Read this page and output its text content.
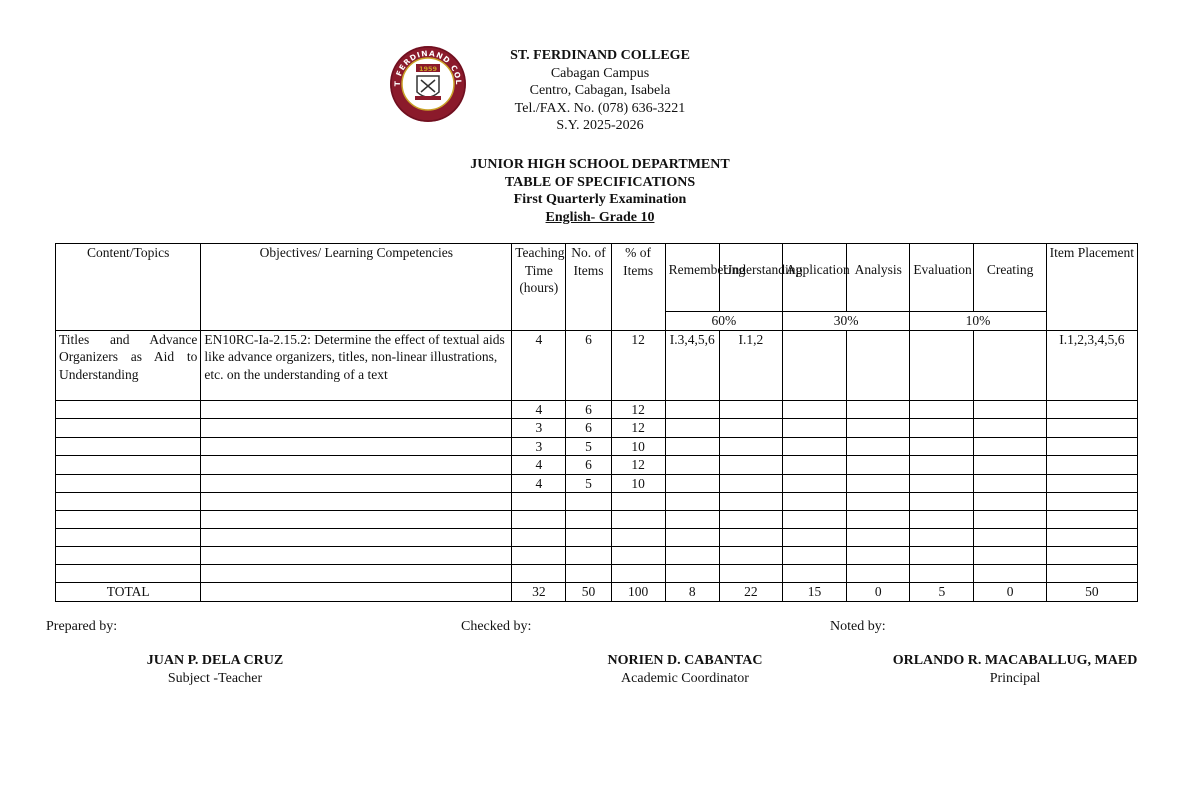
T FERDINAND COL
1959
ST. FERDINAND COLLEGE
Cabagan Campus
Centro, Cabagan, Isabela
Tel./FAX. No. (078) 636-3221
S.Y. 2025-2026
JUNIOR HIGH SCHOOL DEPARTMENT
TABLE OF SPECIFICATIONS
First Quarterly Examination
English- Grade 10
Content/Topics	Objectives/ Learning Competencies	Teaching Time (hours)	No. of Items	% of Items	Remembering	Understanding	Application	Analysis	Evaluation	Creating	Item Placement
					60%		30%		10%		
Titles and Advance Organizers as Aid to Understanding	EN10RC-Ia-2.15.2: Determine the effect of textual aids like advance organizers, titles, non-linear illustrations, etc. on the understanding of a text	4	6	12	I.3,4,5,6	I.1,2					I.1,2,3,4,5,6
		4	6	12							
		3	6	12							
		3	5	10							
		4	6	12							
		4	5	10							

TOTAL		32	50	100	8	22	15	0	5	0	50
Prepared by:	Checked by:	Noted by:
JUAN P. DELA CRUZ
Subject -Teacher
NORIEN D. CABANTAC
Academic Coordinator
ORLANDO R. MACABALLUG, MAED
Principal
